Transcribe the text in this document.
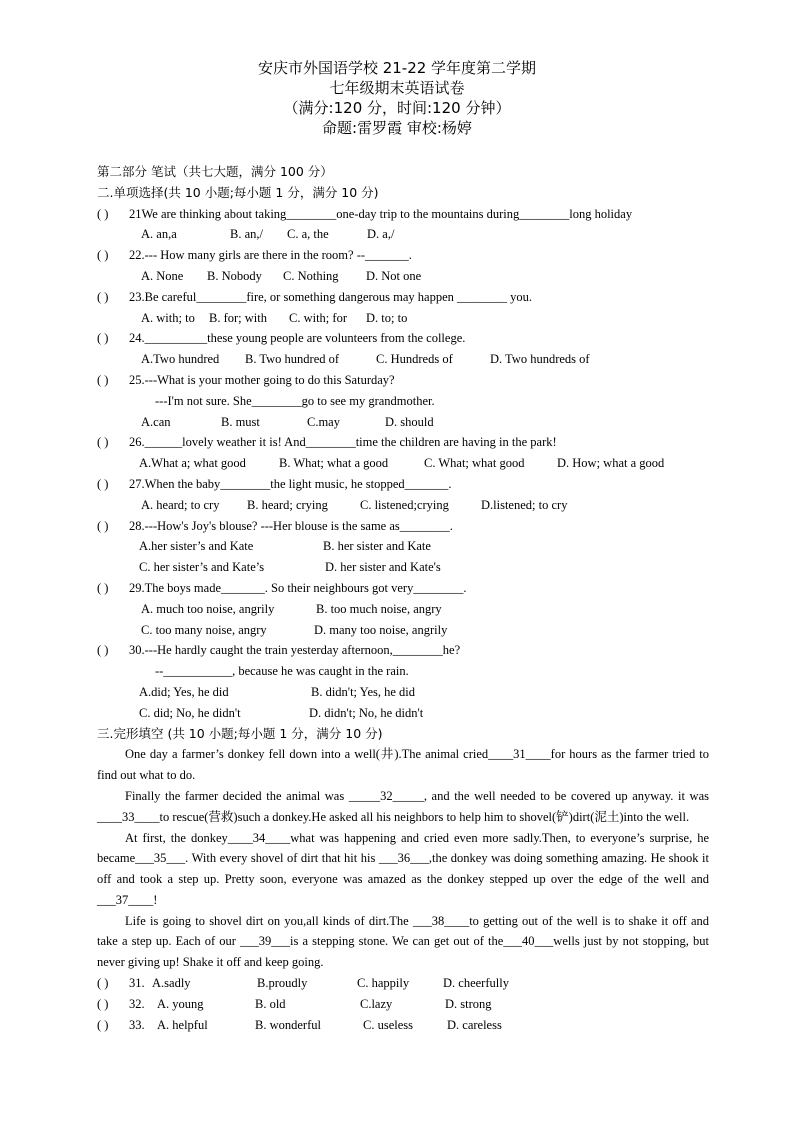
安庆市外国语学校 21-22 学年度第二学期
七年级期末英语试卷
（满分:120 分，时间:120 分钟）
命题:雷罗霞 审校:杨婷
第二部分 笔试（共七大题，满分 100 分）
二.单项选择(共 10 小题;每小题 1 分，满分 10 分)
( ) 21We are thinking about taking________one-day trip to the mountains during________long holiday
A. an,a	B. an,/ C. a, the	D. a,/
( ) 22.--- How many girls are there in the room? --_______.
A. None B. Nobody C. Nothing D. Not one
( ) 23.Be careful________fire, or something dangerous may happen ________ you.
A. with; to B. for; with C. with; for D. to; to
( ) 24.__________these young people are volunteers from the college.
A.Two hundred B. Two hundred of	C. Hundreds of	D. Two hundreds of
( ) 25.---What is your mother going to do this Saturday?
---I'm not sure. She________go to see my grandmother.
A.can	B. must	C.may	D. should
( ) 26.______lovely weather it is! And________time the children are having in the park!
A.What a; what good	B. What; what a good	C. What; what good	D. How; what a good
( ) 27.When the baby________the light music, he stopped_______.
A. heard; to cry B. heard; crying	C. listened;crying	D.listened; to cry
( ) 28.---How's Joy's blouse? ---Her blouse is the same as________.
A.her sister’s and Kate	B. her sister and Kate
C. her sister’s and Kate’s	D. her sister and Kate's
( ) 29.The boys made_______. So their neighbours got very________.
A. much too noise, angrily	B. too much noise, angry
C. too many noise, angry	D. many too noise, angrily
( ) 30.---He hardly caught the train yesterday afternoon,________he?
--___________, because he was caught in the rain.
A.did; Yes, he did	B. didn't; Yes, he did
C. did; No, he didn't	D. didn't; No, he didn't
三.完形填空 (共 10 小题;每小题 1 分，满分 10 分)

One day a farmer’s donkey fell down into a well(井).The animal cried____31____for hours as the farmer tried to find out what to do.

Finally the farmer decided the animal was _____32_____, and the well needed to be covered up anyway. it was ____33____to rescue(营救)such a donkey.He asked all his neighbors to help him to shovel(铲)dirt(泥土)into the well.

At first, the donkey____34____what was happening and cried even more sadly.Then, to everyone’s surprise, he became___35___. With every shovel of dirt that hit his ___36___,the donkey was doing something amazing. He shook it off and took a step up. Pretty soon, everyone was amazed as the donkey stepped up over the edge of the well and ___37____!

Life is going to shovel dirt on you,all kinds of dirt.The ___38____to getting out of the well is to shake it off and take a step up. Each of our ___39___is a stepping stone. We can get out of the___40___wells just by not stopping, but never giving up! Shake it off and keep going.

( ) 31. A.sadly	B.proudly	C. happily	D. cheerfully
( ) 32. A. young	B. old	C.lazy	D. strong
( ) 33. A. helpful	B. wonderful	C. useless	D. careless
